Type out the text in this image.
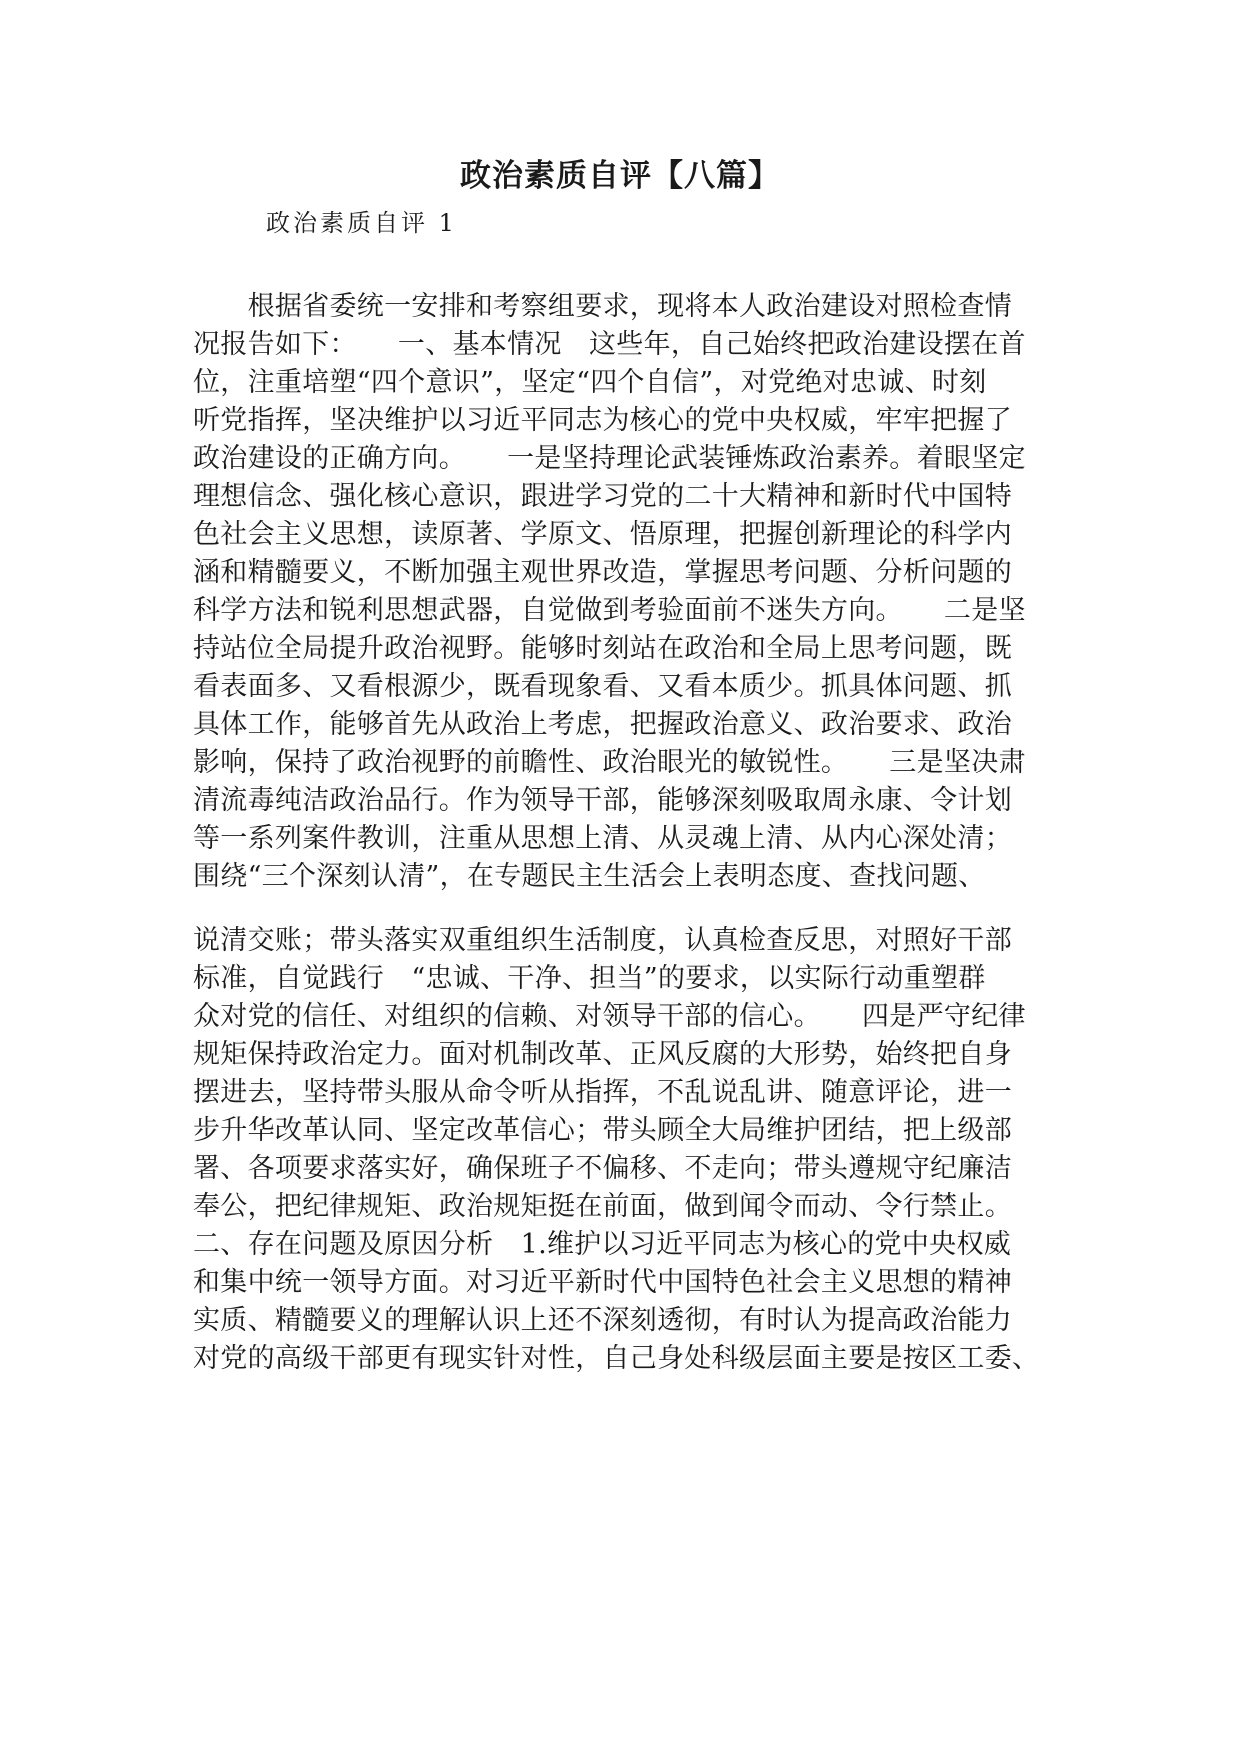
政治素质自评【八篇】

政治素质自评 1

　　根据省委统一安排和考察组要求，现将本人政治建设对照检查情
况报告如下：　　一、基本情况　这些年，自己始终把政治建设摆在首
位，注重培塑“四个意识”，坚定“四个自信”，对党绝对忠诚、时刻
听党指挥，坚决维护以习近平同志为核心的党中央权威，牢牢把握了
政治建设的正确方向。　　一是坚持理论武装锤炼政治素养。着眼坚定
理想信念、强化核心意识，跟进学习党的二十大精神和新时代中国特
色社会主义思想，读原著、学原文、悟原理，把握创新理论的科学内
涵和精髓要义，不断加强主观世界改造，掌握思考问题、分析问题的
科学方法和锐利思想武器，自觉做到考验面前不迷失方向。　　二是坚
持站位全局提升政治视野。能够时刻站在政治和全局上思考问题，既
看表面多、又看根源少，既看现象看、又看本质少。抓具体问题、抓
具体工作，能够首先从政治上考虑，把握政治意义、政治要求、政治
影响，保持了政治视野的前瞻性、政治眼光的敏锐性。　　三是坚决肃
清流毒纯洁政治品行。作为领导干部，能够深刻吸取周永康、令计划
等一系列案件教训，注重从思想上清、从灵魂上清、从内心深处清；
围绕“三个深刻认清”，在专题民主生活会上表明态度、查找问题、
说清交账；带头落实双重组织生活制度，认真检查反思，对照好干部
标准，自觉践行　“忠诚、干净、担当”的要求，以实际行动重塑群
众对党的信任、对组织的信赖、对领导干部的信心。　　四是严守纪律
规矩保持政治定力。面对机制改革、正风反腐的大形势，始终把自身
摆进去，坚持带头服从命令听从指挥，不乱说乱讲、随意评论，进一
步升华改革认同、坚定改革信心；带头顾全大局维护团结，把上级部
署、各项要求落实好，确保班子不偏移、不走向；带头遵规守纪廉洁
奉公，把纪律规矩、政治规矩挺在前面，做到闻令而动、令行禁止。
二、存在问题及原因分析　1.维护以习近平同志为核心的党中央权威
和集中统一领导方面。对习近平新时代中国特色社会主义思想的精神
实质、精髓要义的理解认识上还不深刻透彻，有时认为提高政治能力
对党的高级干部更有现实针对性，自己身处科级层面主要是按区工委、
